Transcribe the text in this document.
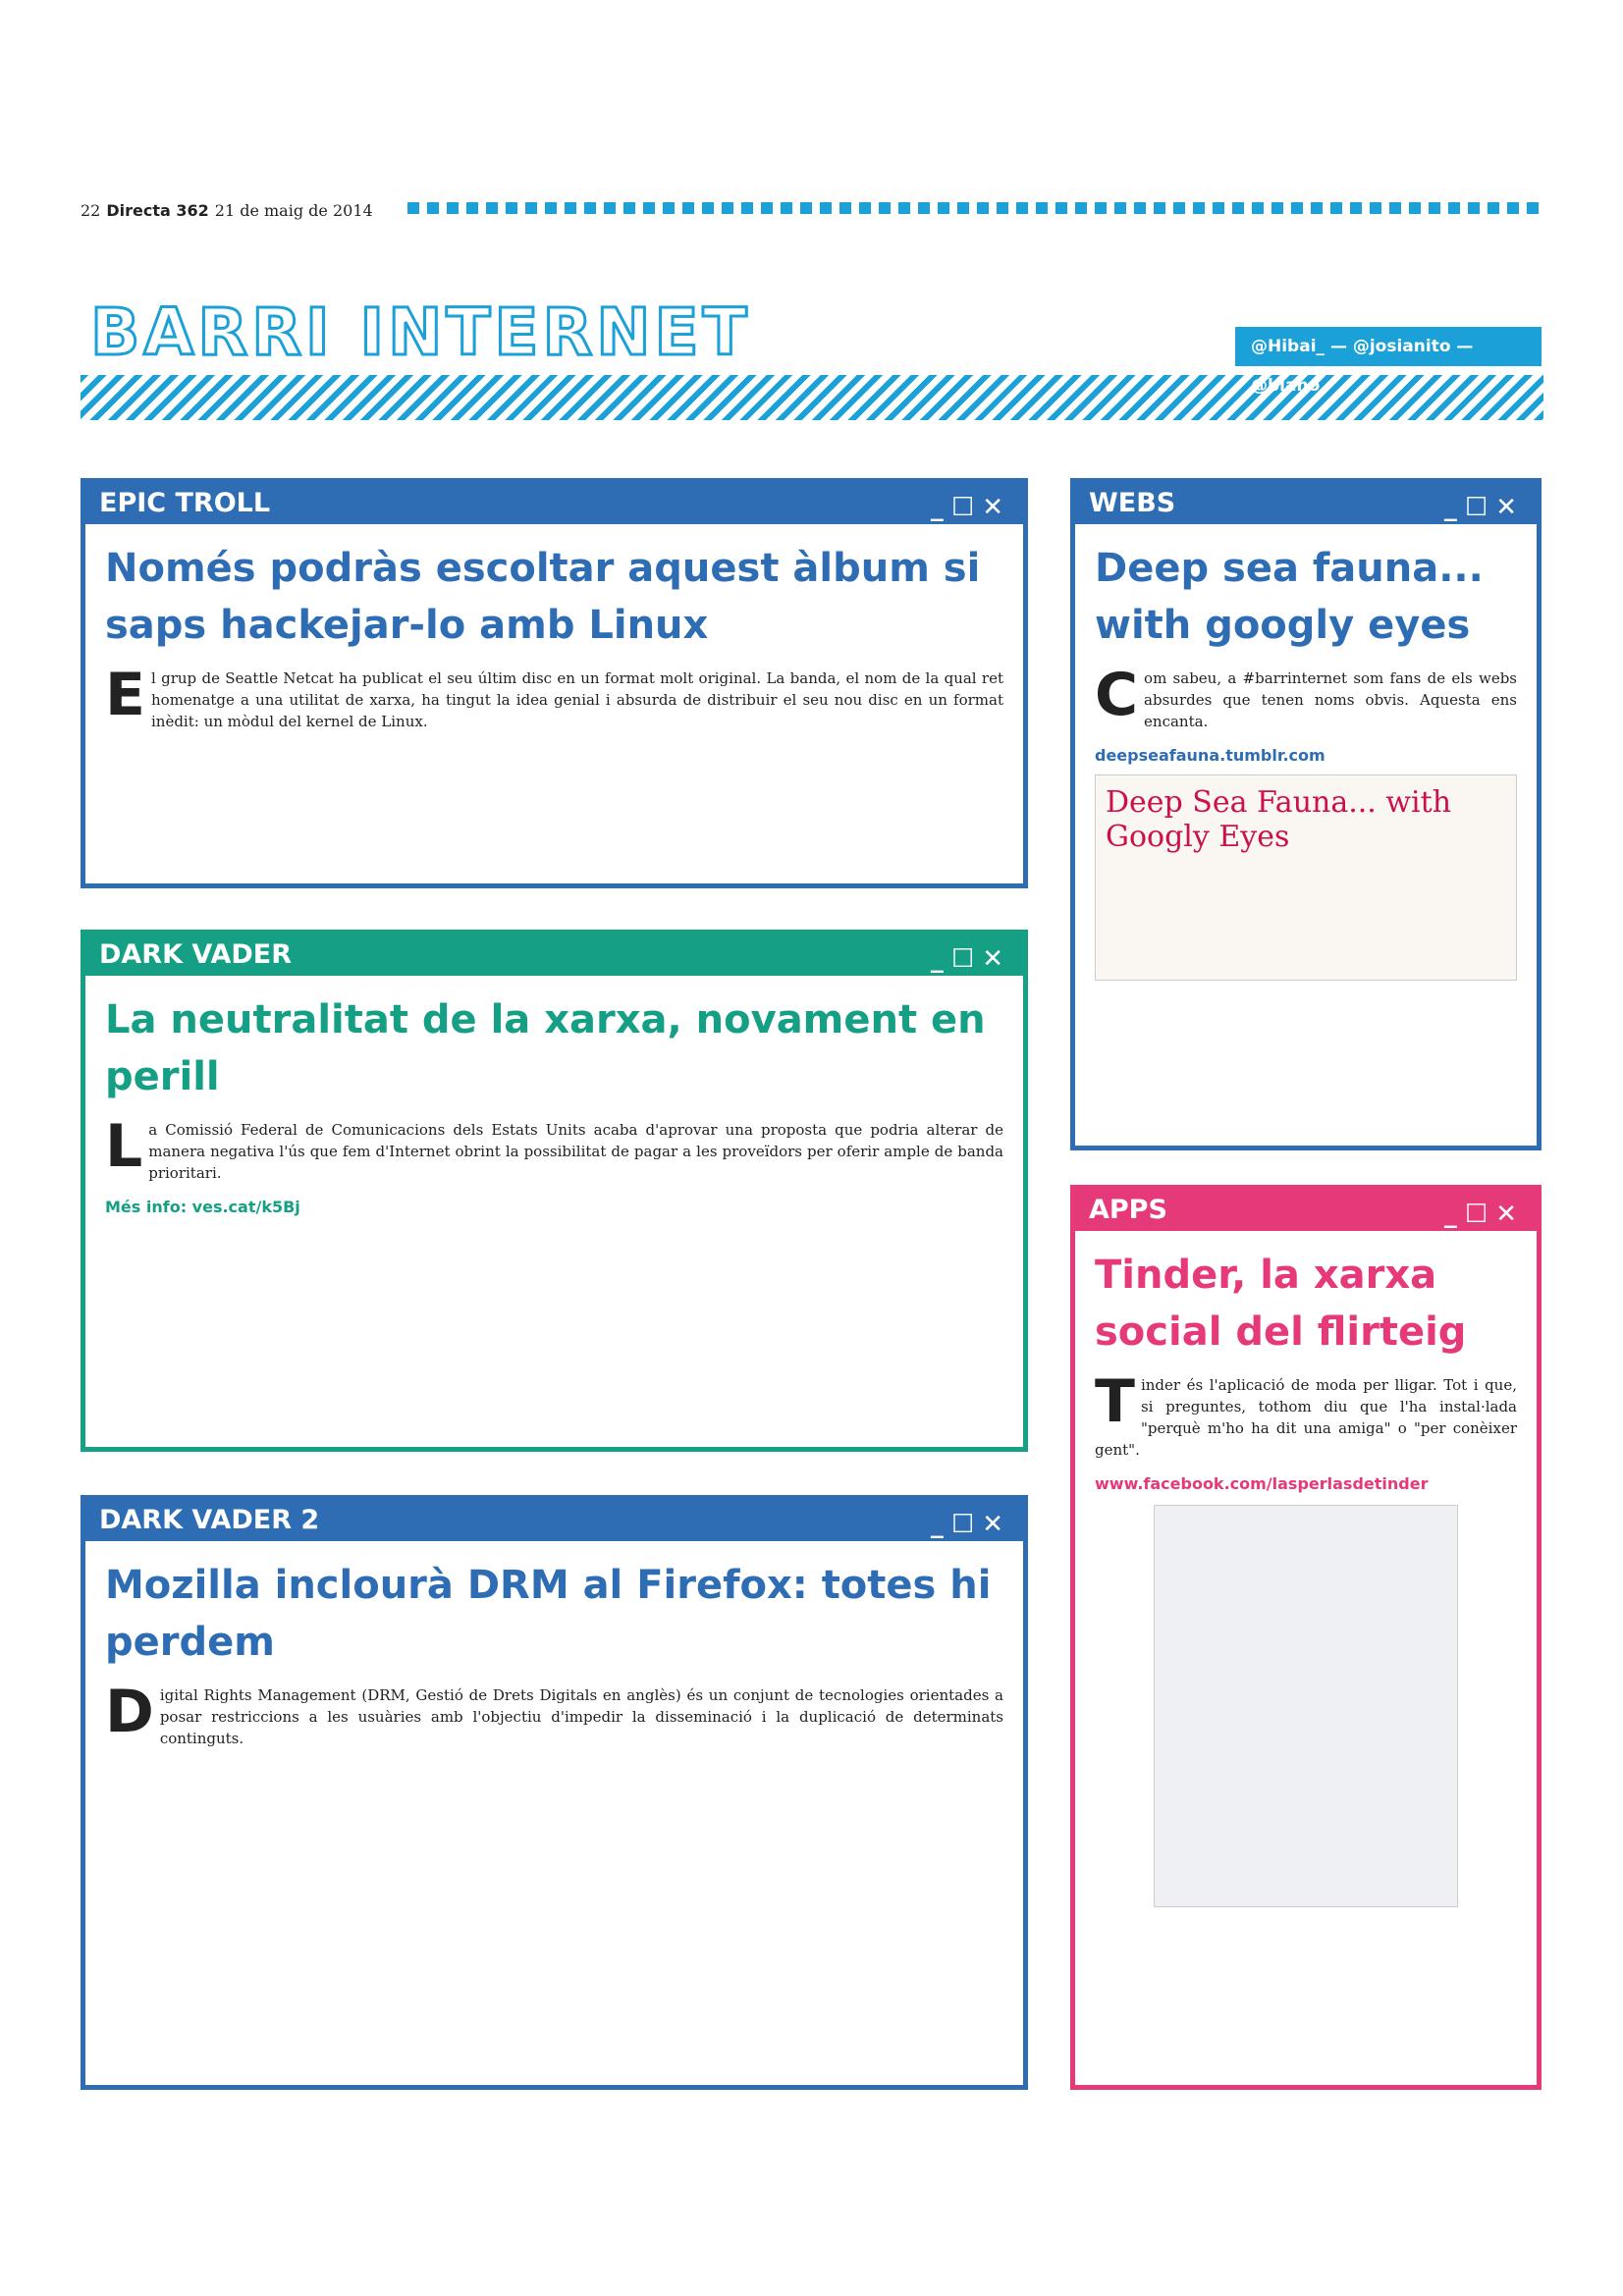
22 Directa 362 21 de maig de 2014
BARRI INTERNET	@Hibai_ — @josianito — @biano
EPIC TROLL	_☐✕
Només podràs escoltar aquest àlbum si saps hackejar-lo amb Linux

El grup de Seattle Netcat ha publicat el seu últim disc en un format molt original. La banda, el nom de la qual ret homenatge a una utilitat de xarxa, ha tingut la idea genial i absurda de distribuir el seu nou disc en un format inèdit: un mòdul del kernel de Linux.

DARK VADER	_☐✕
La neutralitat de la xarxa, novament en perill

La Comissió Federal de Comunicacions dels Estats Units acaba d'aprovar una proposta que podria alterar de manera negativa l'ús que fem d'Internet obrint la possibilitat de pagar a les proveïdors per oferir ample de banda prioritari.

Més info: ves.cat/k5Bj
DARK VADER 2	_☐✕
Mozilla inclourà DRM al Firefox: totes hi perdem

Digital Rights Management (DRM, Gestió de Drets Digitals en anglès) és un conjunt de tecnologies orientades a posar restriccions a les usuàries amb l'objectiu d'impedir la disseminació i la duplicació de determinats continguts.

WEBS	_☐✕
Deep sea fauna... with googly eyes

Com sabeu, a #barrinternet som fans de els webs absurdes que tenen noms obvis. Aquesta ens encanta.

deepseafauna.tumblr.com
Deep Sea Fauna... with Googly Eyes
APPS	_☐✕
Tinder, la xarxa social del flirteig

Tinder és l'aplicació de moda per lligar. Tot i que, si preguntes, tothom diu que l'ha instal·lada "perquè m'ho ha dit una amiga" o "per conèixer gent".

www.facebook.com/lasperlasdetinder
